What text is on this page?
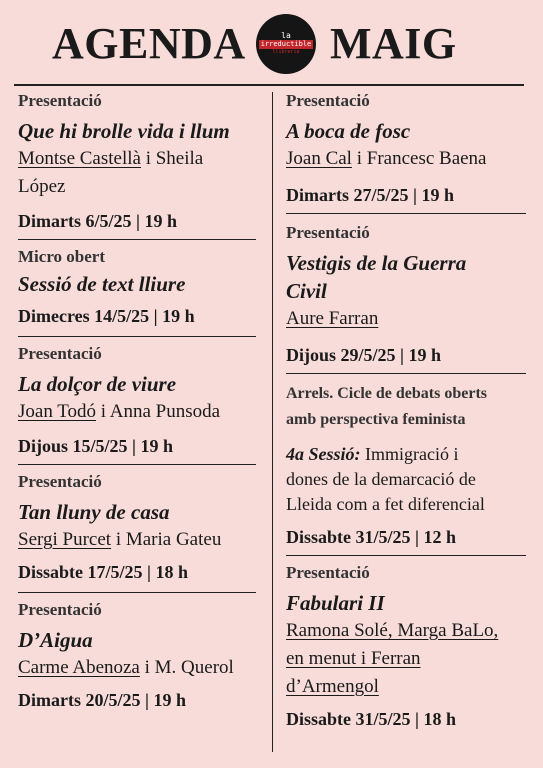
AGENDA	la
irreductible
llibreria MAIG
Presentació
Que hi brolle vida i llum
Montse Castellà i Sheila
López
Dimarts 6/5/25 | 19 h
Micro obert
Sessió de text lliure
Dimecres 14/5/25 | 19 h
Presentació
La dolçor de viure
Joan Todó i Anna Punsoda
Dijous 15/5/25 | 19 h
Presentació
Tan lluny de casa
Sergi Purcet i Maria Gateu
Dissabte 17/5/25 | 18 h
Presentació
D’Aigua
Carme Abenoza i M. Querol
Dimarts 20/5/25 | 19 h
Presentació
A boca de fosc
Joan Cal i Francesc Baena
Dimarts 27/5/25 | 19 h
Presentació
Vestigis de la Guerra
Civil
Aure Farran
Dijous 29/5/25 | 19 h
Arrels. Cicle de debats oberts
amb perspectiva feminista
4a Sessió: Immigració i
dones de la demarcació de
Lleida com a fet diferencial
Dissabte 31/5/25 | 12 h
Presentació
Fabulari II
Ramona Solé, Marga BaLo,
en menut i Ferran
d’Armengol
Dissabte 31/5/25 | 18 h
